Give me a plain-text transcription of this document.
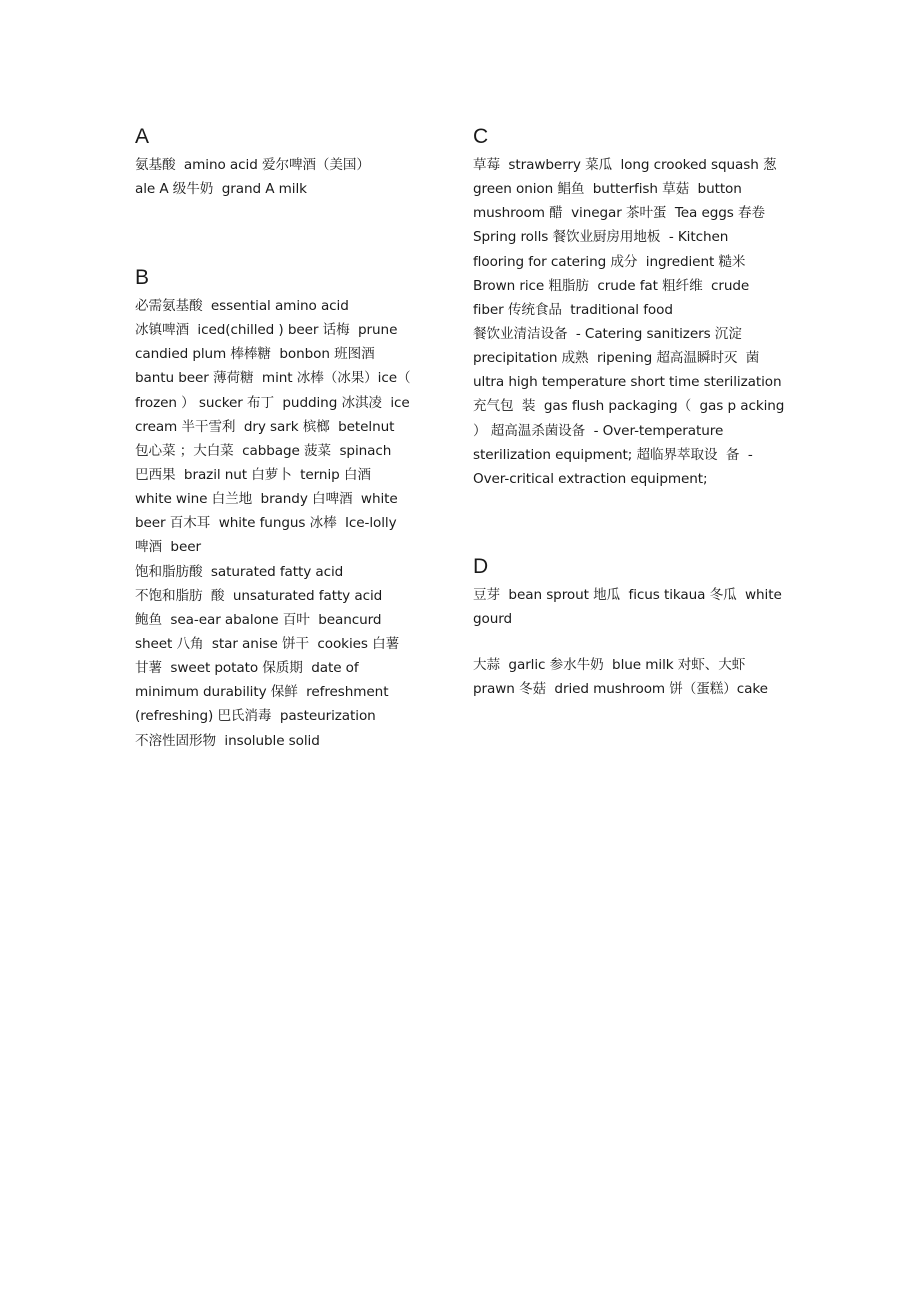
A
氨基酸  amino acid 爱尔啤酒（美国）
ale A 级牛奶  grand A milk
B
必需氨基酸  essential amino acid
冰镇啤酒  iced(chilled ) beer 话梅  prune
candied plum 棒棒糖  bonbon 班图酒
bantu beer 薄荷糖  mint 冰棒（冰果）ice（
frozen ） sucker 布丁  pudding 冰淇凌  ice
cream 半干雪利  dry sark 槟榔  betelnut
包心菜 ；大白菜  cabbage 菠菜  spinach
巴西果  brazil nut 白萝卜  ternip 白酒
white wine 白兰地  brandy 白啤酒  white
beer 百木耳  white fungus 冰棒  Ice-lolly
啤酒  beer
饱和脂肪酸  saturated fatty acid
不饱和脂肪  酸  unsaturated fatty acid
鲍鱼  sea-ear abalone 百叶  beancurd
sheet 八角  star anise 饼干  cookies 白薯
甘薯  sweet potato 保质期  date of
minimum durability 保鲜  refreshment
(refreshing) 巴氏消毒  pasteurization
不溶性固形物  insoluble solid
C
草莓  strawberry 菜瓜  long crooked squash 葱
green onion 鲳鱼  butterfish 草菇  button
mushroom 醋  vinegar 茶叶蛋  Tea eggs 春卷
Spring rolls 餐饮业厨房用地板  - Kitchen
flooring for catering 成分  ingredient 糙米
Brown rice 粗脂肪  crude fat 粗纤维  crude
fiber 传统食品  traditional food
餐饮业清洁设备  - Catering sanitizers 沉淀
precipitation 成熟  ripening 超高温瞬时灭  菌
ultra high temperature short time sterilization
充气包  装  gas flush packaging（  gas p acking
） 超高温杀菌设备  - Over-temperature
sterilization equipment; 超临界萃取设  备  -
Over-critical extraction equipment;
D
豆芽  bean sprout 地瓜  ficus tikaua 冬瓜  white
gourd
大蒜  garlic 参水牛奶  blue milk 对虾、大虾
prawn 冬菇  dried mushroom 饼（蛋糕）cake
